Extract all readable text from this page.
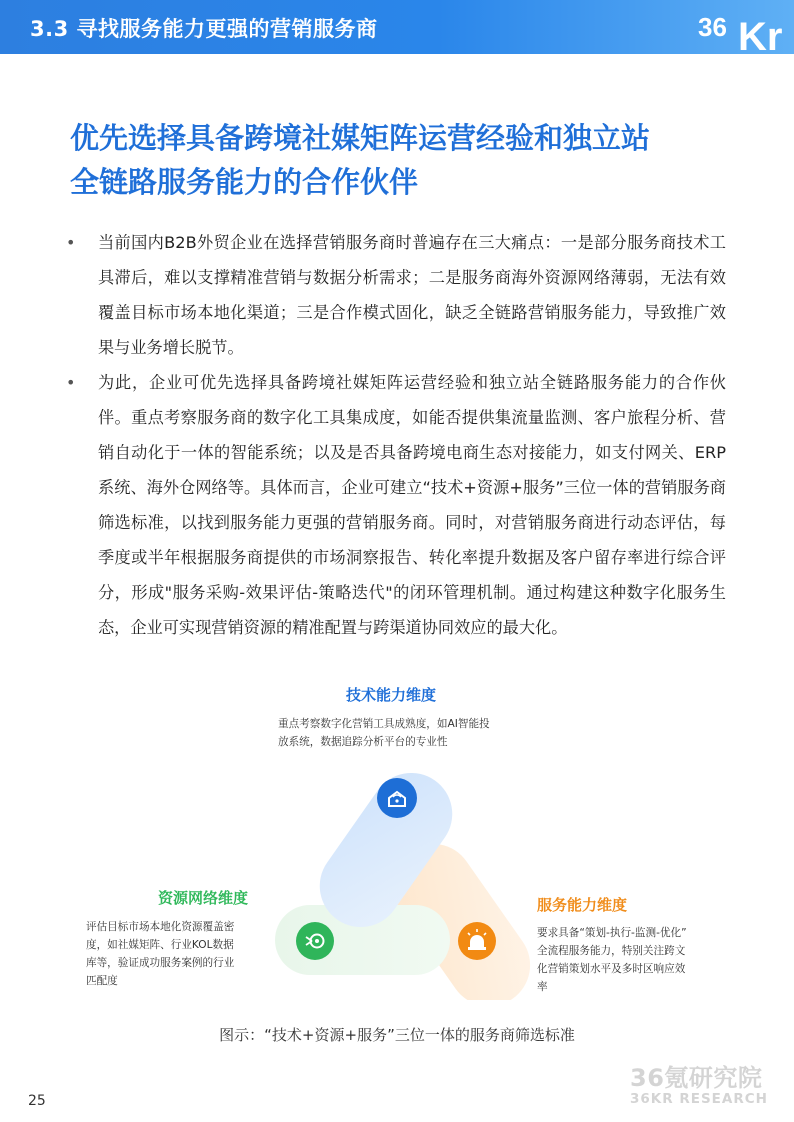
3.3 寻找服务能力更强的营销服务商	36 Kr
优先选择具备跨境社媒矩阵运营经验和独立站
全链路服务能力的合作伙伴
• 当前国内B2B外贸企业在选择营销服务商时普遍存在三大痛点：一是部分服务商技术工具滞后，难以支撑精准营销与数据分析需求；二是服务商海外资源网络薄弱，无法有效覆盖目标市场本地化渠道；三是合作模式固化，缺乏全链路营销服务能力，导致推广效果与业务增长脱节。
• 为此，企业可优先选择具备跨境社媒矩阵运营经验和独立站全链路服务能力的合作伙伴。重点考察服务商的数字化工具集成度，如能否提供集流量监测、客户旅程分析、营销自动化于一体的智能系统；以及是否具备跨境电商生态对接能力，如支付网关、ERP系统、海外仓网络等。具体而言，企业可建立“技术+资源+服务”三位一体的营销服务商筛选标准，以找到服务能力更强的营销服务商。同时，对营销服务商进行动态评估，每季度或半年根据服务商提供的市场洞察报告、转化率提升数据及客户留存率进行综合评分，形成"服务采购-效果评估-策略迭代"的闭环管理机制。通过构建这种数字化服务生态，企业可实现营销资源的精准配置与跨渠道协同效应的最大化。
技术能力维度
重点考察数字化营销工具成熟度，如AI智能投
放系统，数据追踪分析平台的专业性
资源网络维度
评估目标市场本地化资源覆盖密
度，如社媒矩阵、行业KOL数据
库等，验证成功服务案例的行业
匹配度
服务能力维度
要求具备“策划-执行-监测-优化”
全流程服务能力，特别关注跨文
化营销策划水平及多时区响应效
率
图示：“技术+资源+服务”三位一体的服务商筛选标准
36氪研究院
36KR RESEARCH
25
